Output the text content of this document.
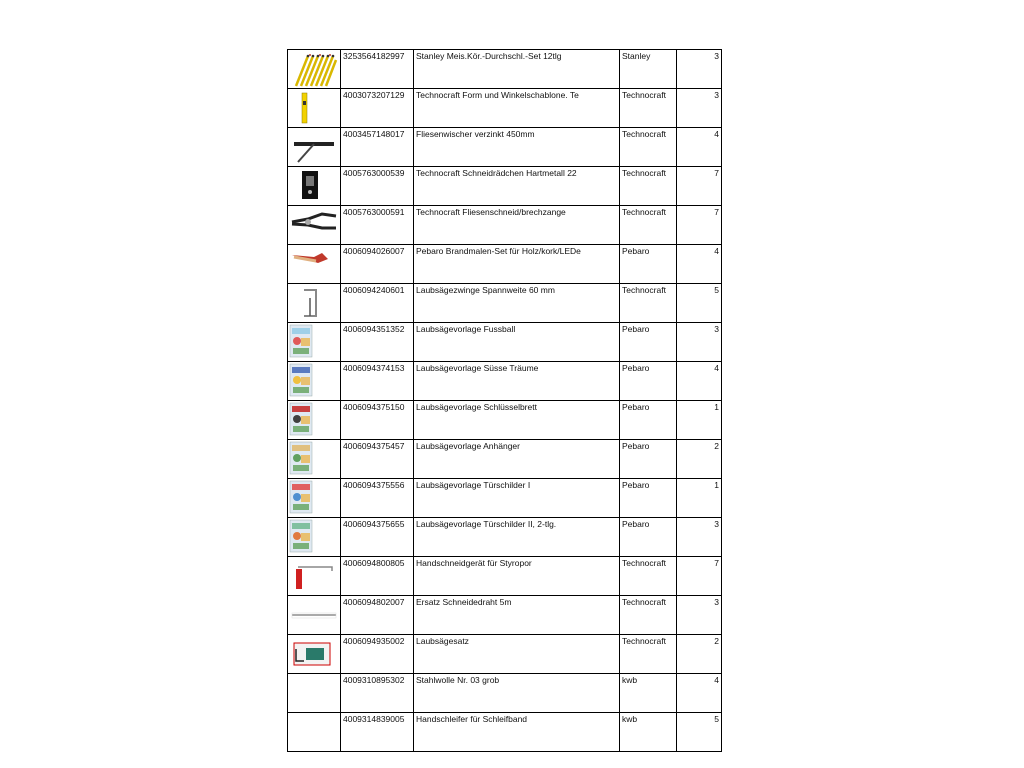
	3253564182997	Stanley Meis.Kör.-Durchschl.-Set 12tlg	Stanley	3

	4003073207129	Technocraft Form und Winkelschablone. Te	Technocraft	3

	4003457148017	Fliesenwischer verzinkt 450mm	Technocraft	4

	4005763000539	Technocraft Schneidrädchen Hartmetall 22	Technocraft	7

	4005763000591	Technocraft Fliesenschneid/brechzange	Technocraft	7

	4006094026007	Pebaro Brandmalen-Set für Holz/kork/LEDe	Pebaro	4

	4006094240601	Laubsägezwinge Spannweite 60 mm	Technocraft	5

	4006094351352	Laubsägevorlage Fussball	Pebaro	3

	4006094374153	Laubsägevorlage Süsse Träume	Pebaro	4

	4006094375150	Laubsägevorlage Schlüsselbrett	Pebaro	1

	4006094375457	Laubsägevorlage Anhänger	Pebaro	2

	4006094375556	Laubsägevorlage Türschilder I	Pebaro	1

	4006094375655	Laubsägevorlage Türschilder II, 2-tlg.	Pebaro	3

	4006094800805	Handschneidgerät für Styropor	Technocraft	7

	4006094802007	Ersatz Schneidedraht 5m	Technocraft	3

	4006094935002	Laubsägesatz	Technocraft	2
	4009310895302	Stahlwolle Nr. 03 grob	kwb	4
	4009314839005	Handschleifer für Schleifband	kwb	5
